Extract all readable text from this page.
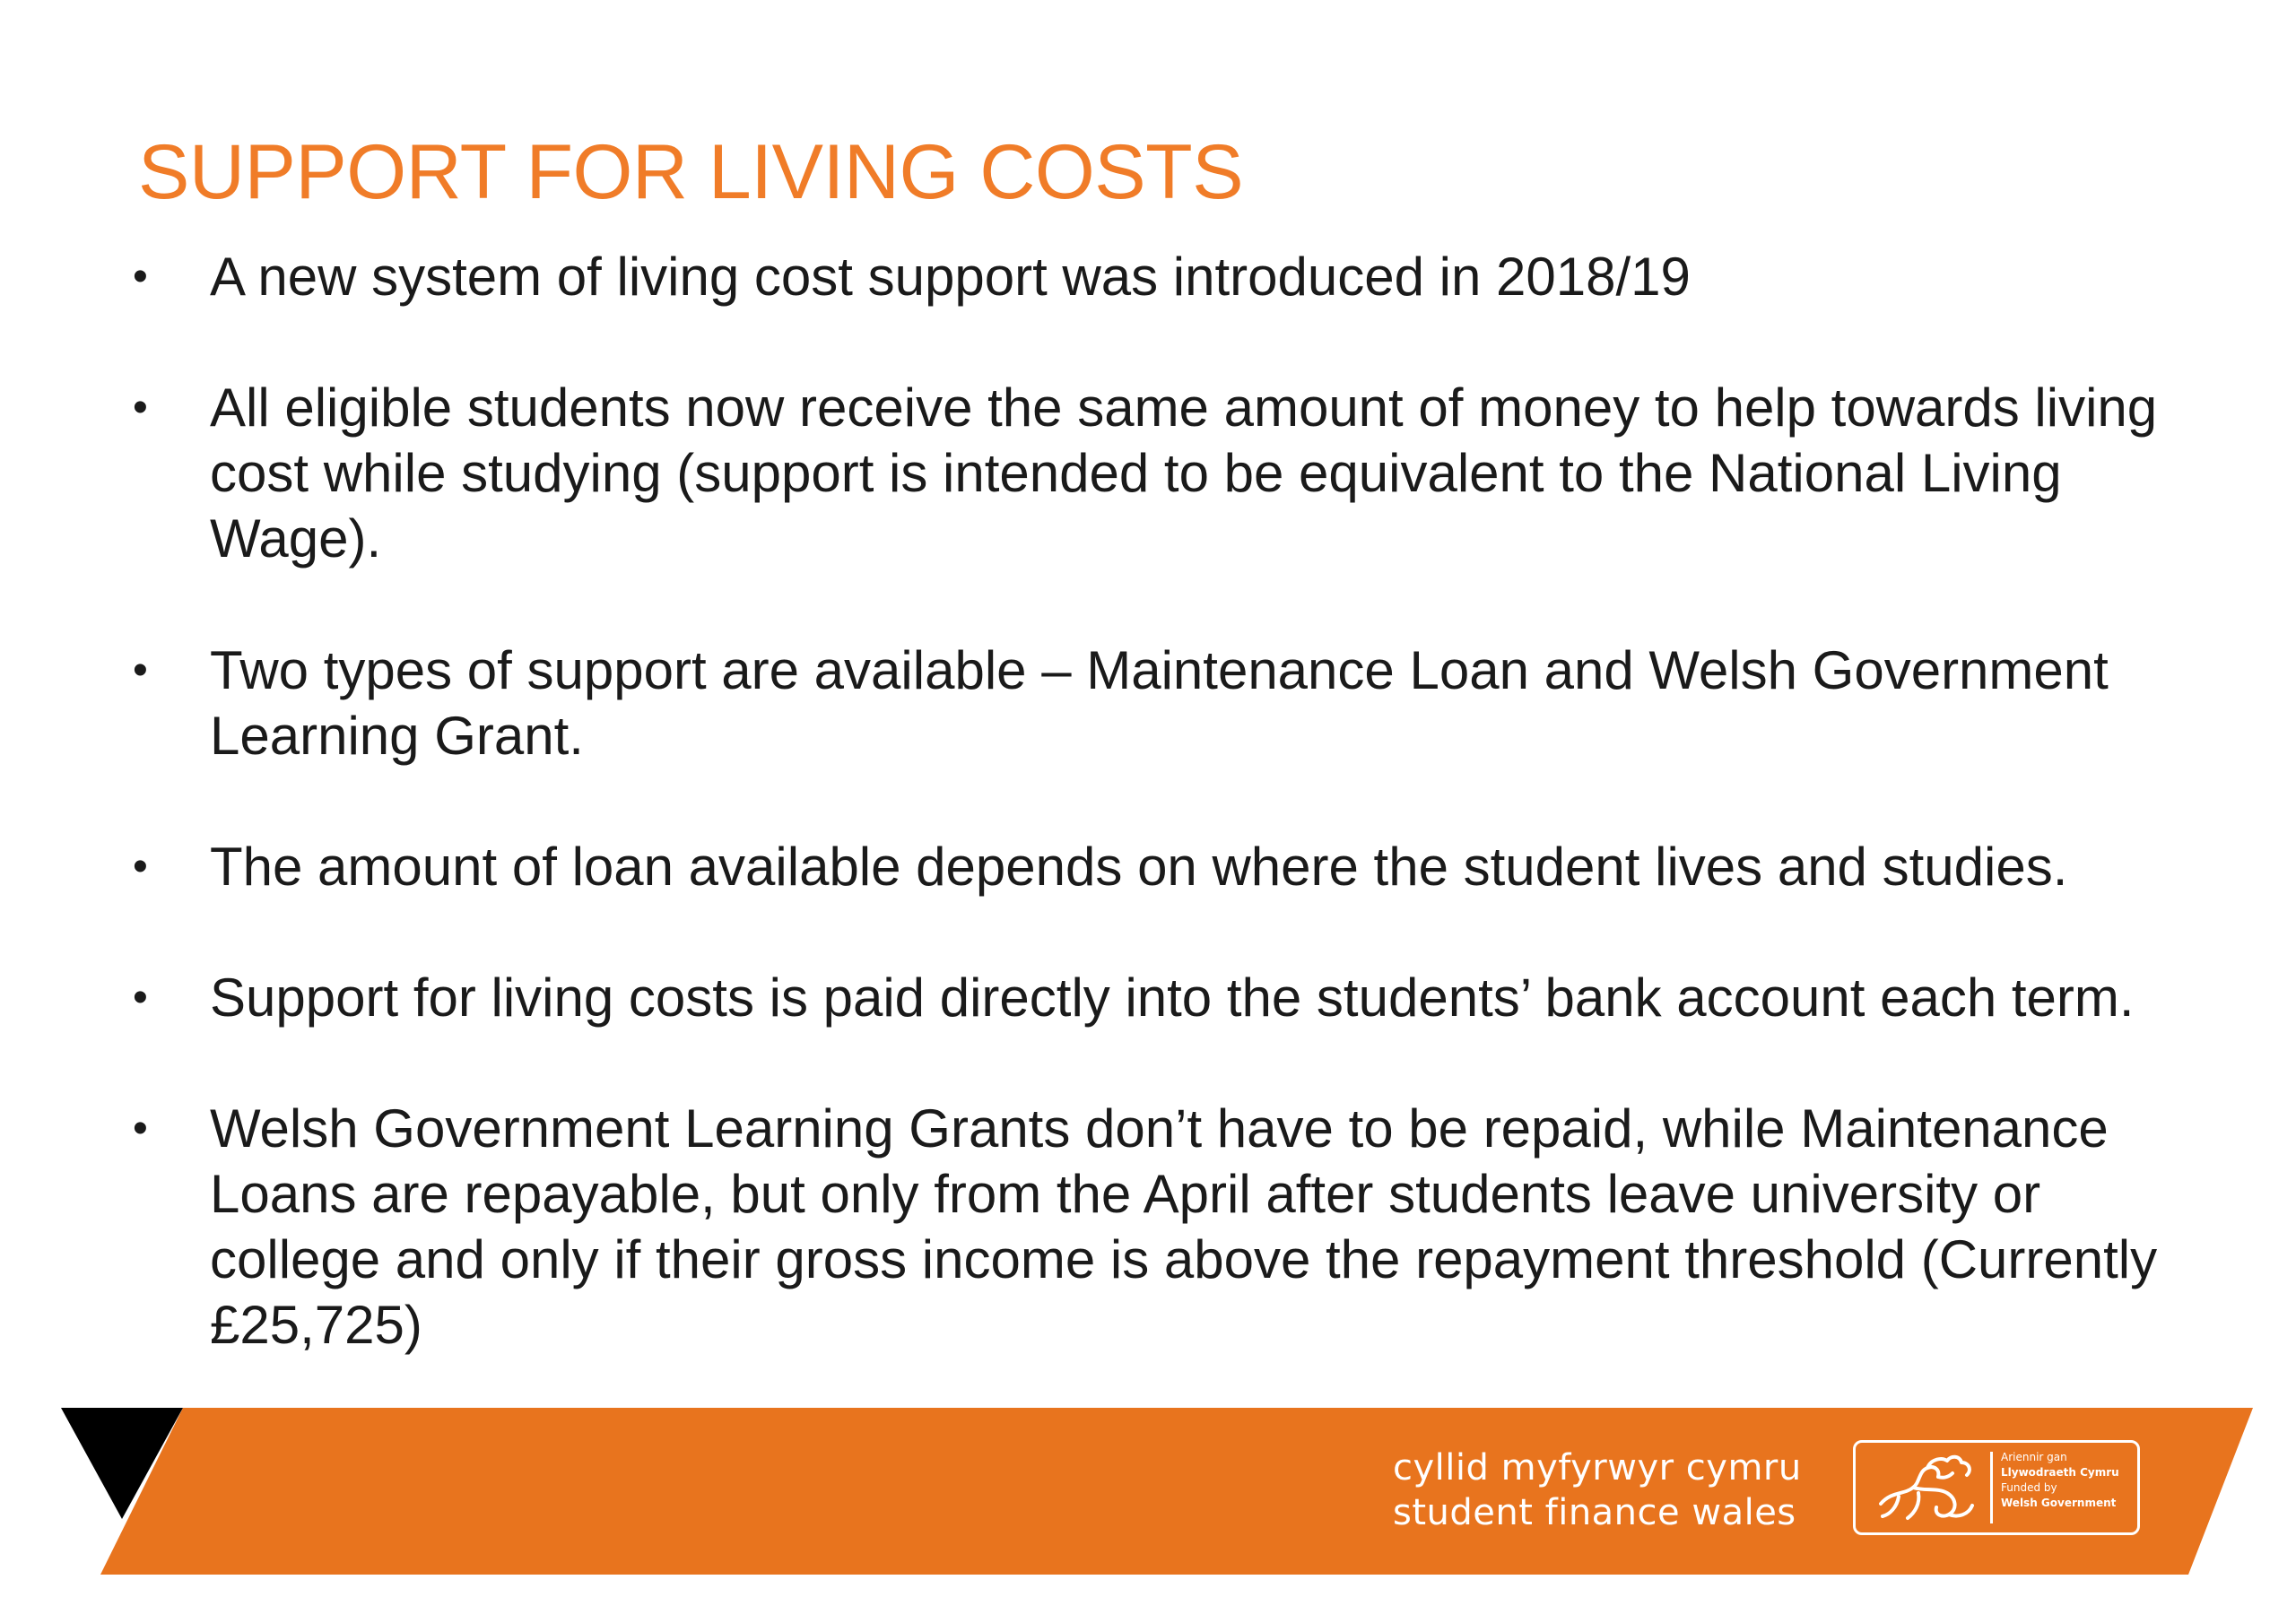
SUPPORT FOR LIVING COSTS
• A new system of living cost support was introduced in 2018/19
• All eligible students now receive the same amount of money to help towards living
cost while studying (support is intended to be equivalent to the National Living
Wage).
• Two types of support are available – Maintenance Loan and Welsh Government
Learning Grant.
• The amount of loan available depends on where the student lives and studies.
• Support for living costs is paid directly into the students’ bank account each term.
• Welsh Government Learning Grants don’t have to be repaid, while Maintenance
Loans are repayable, but only from the April after students leave university or
college and only if their gross income is above the repayment threshold (Currently
£25,725)
cyllid myfyrwyr cymru
student finance wales
Ariennir gan
Llywodraeth Cymru
Funded by
Welsh Government
